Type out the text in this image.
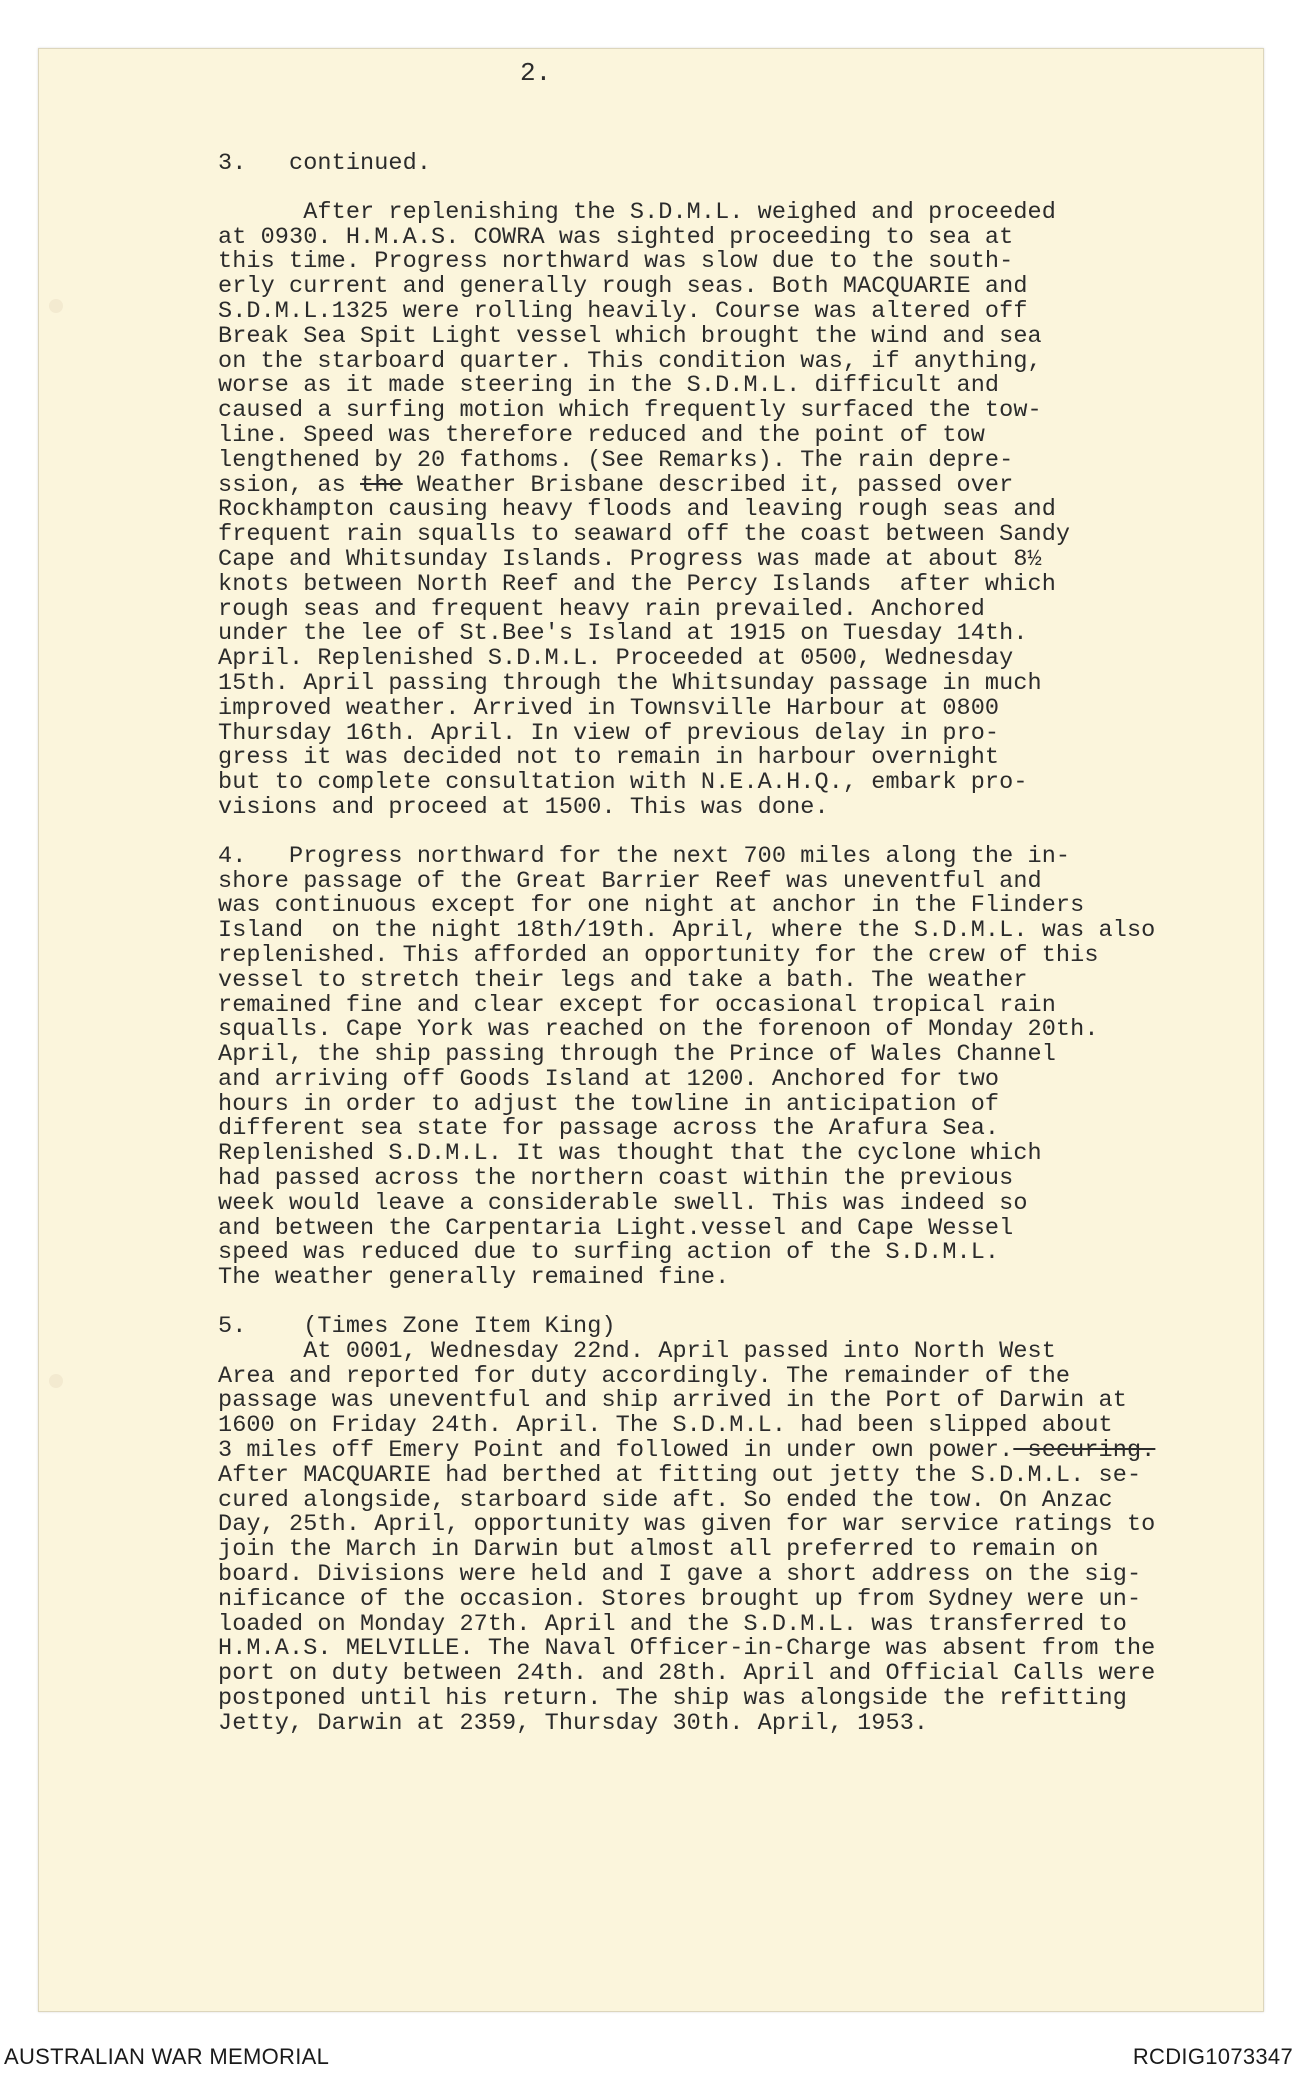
2.
3.   continued.
After replenishing the S.D.M.L. weighed and proceeded
at 0930. H.M.A.S. COWRA was sighted proceeding to sea at
this time. Progress northward was slow due to the south-
erly current and generally rough seas. Both MACQUARIE and
S.D.M.L.1325 were rolling heavily. Course was altered off
Break Sea Spit Light vessel which brought the wind and sea
on the starboard quarter. This condition was, if anything,
worse as it made steering in the S.D.M.L. difficult and
caused a surfing motion which frequently surfaced the tow-
line. Speed was therefore reduced and the point of tow
lengthened by 20 fathoms. (See Remarks). The rain depre-
ssion, as the Weather Brisbane described it, passed over
Rockhampton causing heavy floods and leaving rough seas and
frequent rain squalls to seaward off the coast between Sandy
Cape and Whitsunday Islands. Progress was made at about 8½
knots between North Reef and the Percy Islands  after which
rough seas and frequent heavy rain prevailed. Anchored
under the lee of St.Bee's Island at 1915 on Tuesday 14th.
April. Replenished S.D.M.L. Proceeded at 0500, Wednesday
15th. April passing through the Whitsunday passage in much
improved weather. Arrived in Townsville Harbour at 0800
Thursday 16th. April. In view of previous delay in pro-
gress it was decided not to remain in harbour overnight
but to complete consultation with N.E.A.H.Q., embark pro-
visions and proceed at 1500. This was done.
4.   Progress northward for the next 700 miles along the in-
shore passage of the Great Barrier Reef was uneventful and
was continuous except for one night at anchor in the Flinders
Island  on the night 18th/19th. April, where the S.D.M.L. was also
replenished. This afforded an opportunity for the crew of this
vessel to stretch their legs and take a bath. The weather
remained fine and clear except for occasional tropical rain
squalls. Cape York was reached on the forenoon of Monday 20th.
April, the ship passing through the Prince of Wales Channel
and arriving off Goods Island at 1200. Anchored for two
hours in order to adjust the towline in anticipation of
different sea state for passage across the Arafura Sea.
Replenished S.D.M.L. It was thought that the cyclone which
had passed across the northern coast within the previous
week would leave a considerable swell. This was indeed so
and between the Carpentaria Light.vessel and Cape Wessel
speed was reduced due to surfing action of the S.D.M.L.
The weather generally remained fine.
5.    (Times Zone Item King)
At 0001, Wednesday 22nd. April passed into North West
Area and reported for duty accordingly. The remainder of the
passage was uneventful and ship arrived in the Port of Darwin at
1600 on Friday 24th. April. The S.D.M.L. had been slipped about
3 miles off Emery Point and followed in under own power. securing.
After MACQUARIE had berthed at fitting out jetty the S.D.M.L. se-
cured alongside, starboard side aft. So ended the tow. On Anzac
Day, 25th. April, opportunity was given for war service ratings to
join the March in Darwin but almost all preferred to remain on
board. Divisions were held and I gave a short address on the sig-
nificance of the occasion. Stores brought up from Sydney were un-
loaded on Monday 27th. April and the S.D.M.L. was transferred to
H.M.A.S. MELVILLE. The Naval Officer-in-Charge was absent from the
port on duty between 24th. and 28th. April and Official Calls were
postponed until his return. The ship was alongside the refitting
Jetty, Darwin at 2359, Thursday 30th. April, 1953.
AUSTRALIAN WAR MEMORIAL	RCDIG1073347
